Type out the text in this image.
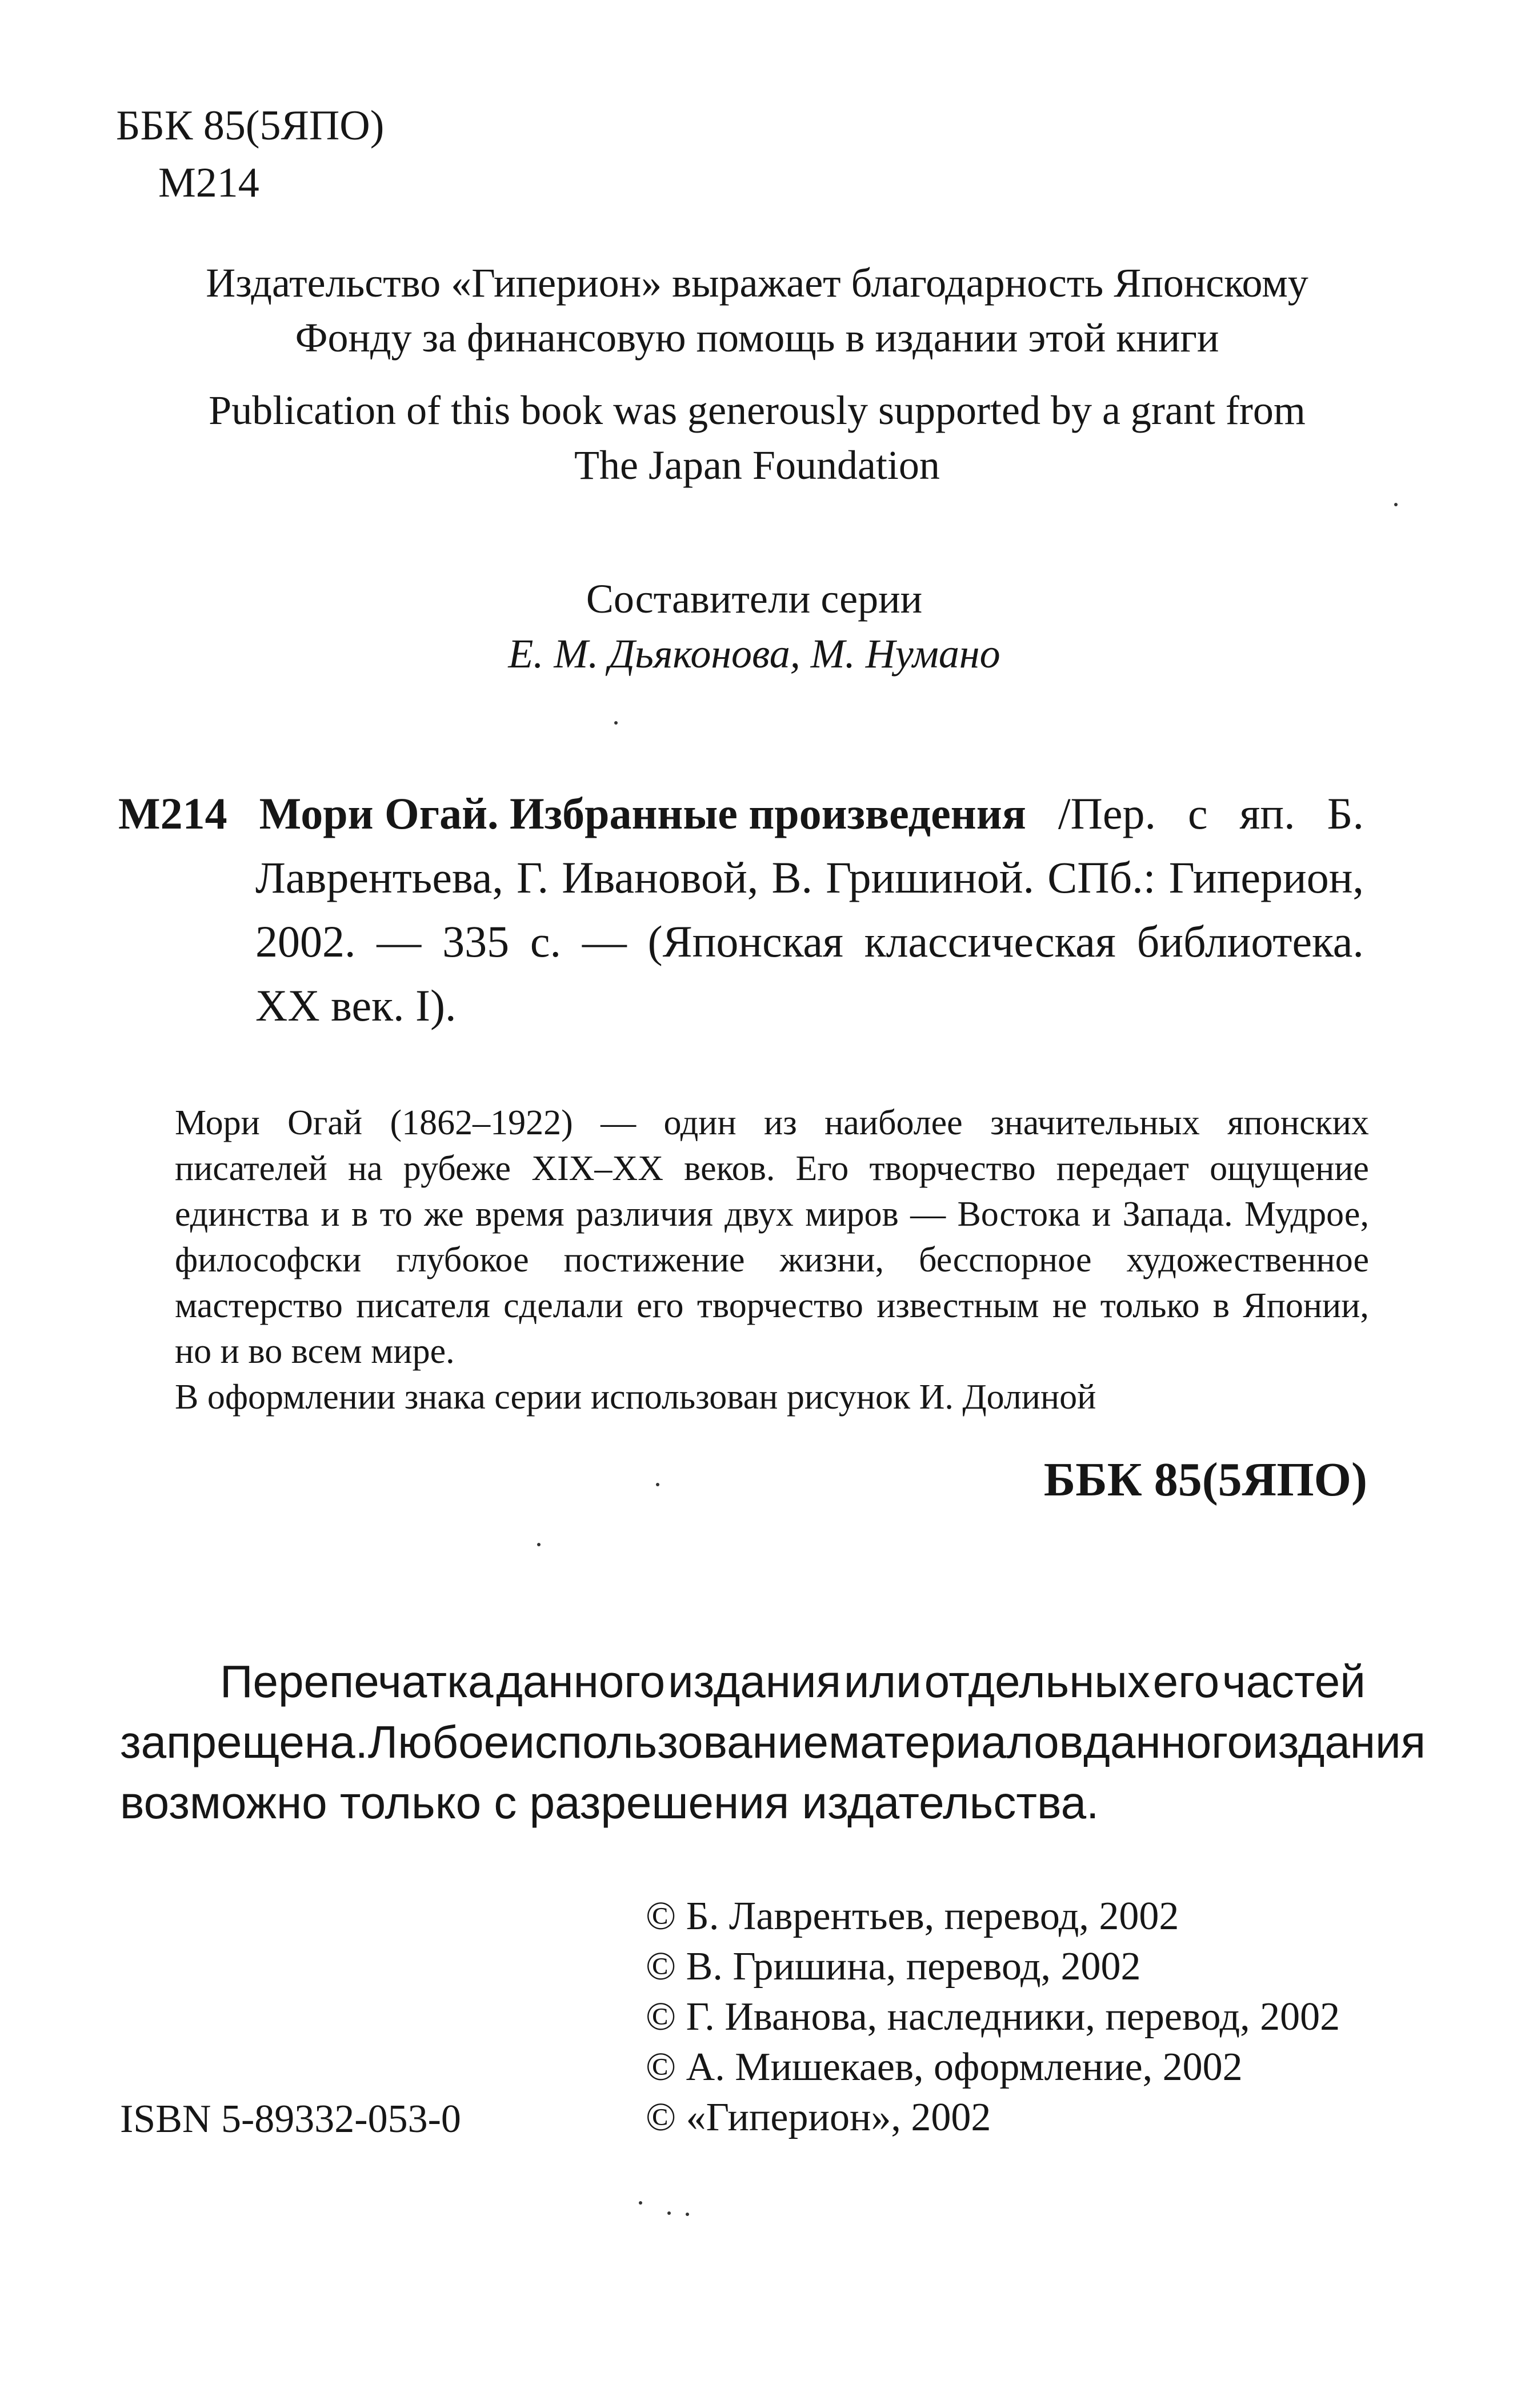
ББК 85(5ЯПО)
М214
Издательство «Гиперион» выражает благодарность Японскому
Фонду за финансовую помощь в издании этой книги
Publication of this book was generously supported by a grant from
The Japan Foundation
Составители серии
Е. М. Дьяконова, М. Нумано
М214 Мори Огай. Избранные произведения /Пер. с яп. Б.
Лаврентьева, Г. Ивановой, В. Гришиной. СПб.: Гиперион,
2002. — 335 с. — (Японская классическая библиотека.
XX век. I).
Мори Огай (1862–1922) — один из наиболее значительных японских
писателей на рубеже XIX–XX веков. Его творчество передает ощущение
единства и в то же время различия двух миров — Востока и Запада. Мудрое,
философски глубокое постижение жизни, бесспорное художественное
мастерство писателя сделали его творчество известным не только в Японии,
но и во всем мире.
В оформлении знака серии использован рисунок И. Долиной
ББК 85(5ЯПО)
Перепечатка данного издания или отдельных его частей
запрещена. Любое использование материалов данного издания
возможно только с разрешения издательства.
© Б. Лаврентьев, перевод, 2002
© В. Гришина, перевод, 2002
© Г. Иванова, наследники, перевод, 2002
© А. Мишекаев, оформление, 2002
© «Гиперион», 2002
ISBN 5-89332-053-0
